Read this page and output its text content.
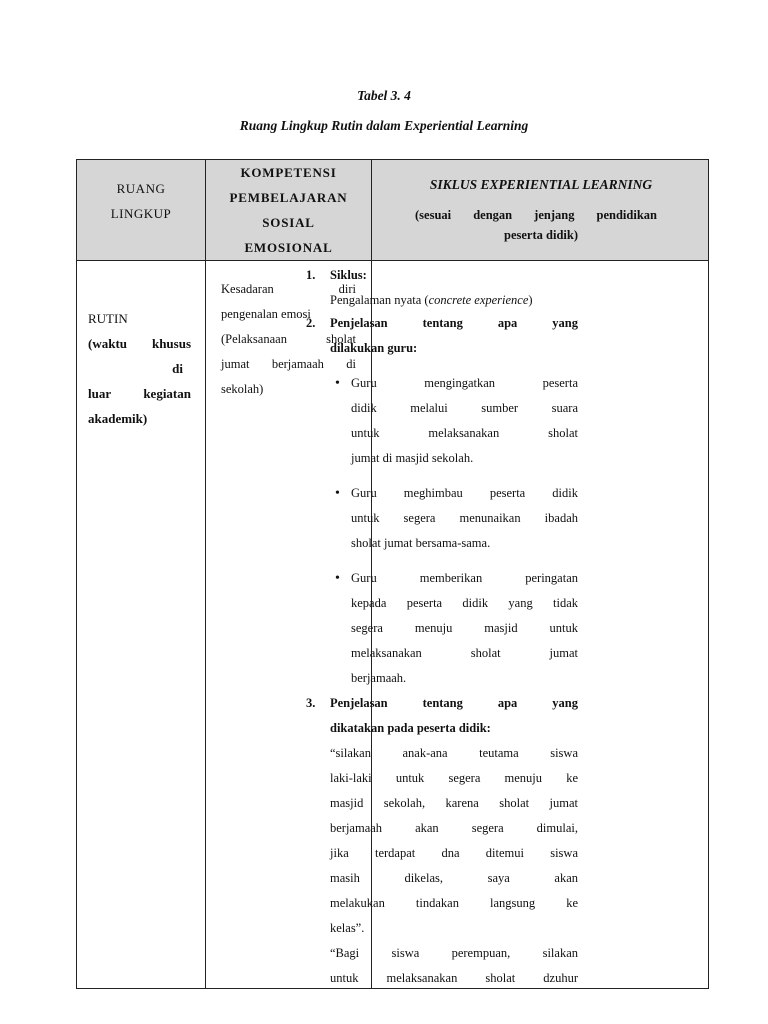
Tabel 3. 4
Ruang Lingkup Rutin dalam Experiential Learning
RUANG
LINGKUP
KOMPETENSI
PEMBELAJARAN
SOSIAL
EMOSIONAL
SIKLUS EXPERIENTIAL LEARNING
(sesuai dengan jenjang pendidikan
peserta didik)
RUTIN
(waktu khusus
di
luar kegiatan
akademik)
Kesadaran diri
pengenalan emosi
(Pelaksanaan sholat
jumat berjamaah di
sekolah)
1. Siklus:
Pengalaman nyata (concrete experience)
2. Penjelasan tentang apa yang
dilakukan guru:
• Guru mengingatkan peserta
didik melalui sumber suara
untuk melaksanakan sholat
jumat di masjid sekolah.
• Guru meghimbau peserta didik
untuk segera menunaikan ibadah
sholat jumat bersama-sama.
• Guru memberikan peringatan
kepada peserta didik yang tidak
segera menuju masjid untuk
melaksanakan sholat jumat
berjamaah.
3. Penjelasan tentang apa yang
dikatakan pada peserta didik:
“silakan anak-ana teutama siswa
laki-laki untuk segera menuju ke
masjid sekolah, karena sholat jumat
berjamaah akan segera dimulai,
jika terdapat dna ditemui siswa
masih dikelas, saya akan
melakukan tindakan langsung ke
kelas”.
“Bagi siswa perempuan, silakan
untuk melaksanakan sholat dzuhur
